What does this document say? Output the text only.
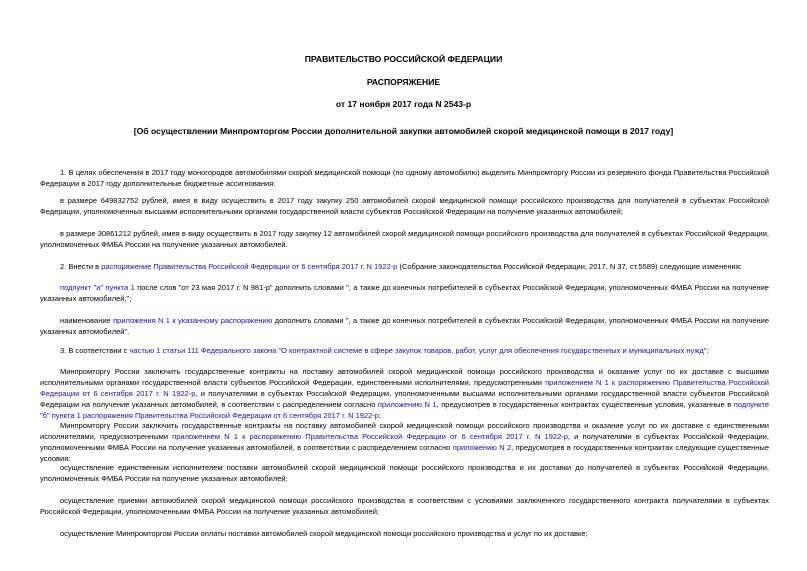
ПРАВИТЕЛЬСТВО РОССИЙСКОЙ ФЕДЕРАЦИИ
РАСПОРЯЖЕНИЕ
от 17 ноября 2017 года N 2543-р
[Об осуществлении Минпромторгом России дополнительной закупки автомобилей скорой медицинской помощи в 2017 году]
1. В целях обеспечения в 2017 году моногородов автомобилями скорой медицинской помощи (по одному автомобилю) выделить Минпромторгу России из резервного фонда Правительства Российской Федерации в 2017 году дополнительные бюджетные ассигнования:
в размере 649832752 рублей, имея в виду осуществить в 2017 году закупку 250 автомобилей скорой медицинской помощи российского производства для получателей в субъектах Российской Федерации, уполномоченных высшими исполнительными органами государственной власти субъектов Российской Федерации на получение указанных автомобилей;
в размере 30861212 рублей, имея в виду осуществить в 2017 году закупку 12 автомобилей скорой медицинской помощи российского производства для получателей в субъектах Российской Федерации, уполномоченных ФМБА России на получение указанных автомобилей.
2. Внести в распоряжение Правительства Российской Федерации от 6 сентября 2017 г. N 1922-р (Собрание законодательства Российской Федерации, 2017, N 37, ст.5589) следующие изменения:
подпункт "а" пункта 1 после слов "от 23 мая 2017 г. N 981-р" дополнить словами ", а также до конечных потребителей в субъектах Российской Федерации, уполномоченных ФМБА России на получение указанных автомобилей,";
наименование приложения N 1 к указанному распоряжению дополнить словами ", а также до конечных потребителей в субъектах Российской Федерации, уполномоченных ФМБА России на получение указанных автомобилей".
3. В соответствии с частью 1 статьи 111 Федерального закона "О контрактной системе в сфере закупок товаров, работ, услуг для обеспечения государственных и муниципальных нужд":
Минпромторгу России заключить государственные контракты на поставку автомобилей скорой медицинской помощи российского производства и оказание услуг по их доставке с высшими исполнительными органами государственной власти субъектов Российской Федерации, единственными исполнителями, предусмотренными приложением N 1 к распоряжению Правительства Российской Федерации от 6 сентября 2017 г. N 1922-р, и получателями в субъектах Российской Федерации, уполномоченными высшими исполнительными органами государственной власти субъектов Российской Федерации на получение указанных автомобилей, в соответствии с распределением согласно приложению N 1, предусмотрев в государственных контрактах существенные условия, указанные в подпункте "б" пункта 1 распоряжения Правительства Российской Федерации от 6 сентября 2017 г. N 1922-р;
Минпромторгу России заключить государственные контракты на поставку автомобилей скорой медицинской помощи российского производства и оказание услуг по их доставке с единственными исполнителями, предусмотренными приложением N 1 к распоряжению Правительства Российской Федерации от 6 сентября 2017 г. N 1922-р, и получателями в субъектах Российской Федерации, уполномоченными ФМБА России на получение указанных автомобилей, в соответствии с распределением согласно приложению N 2, предусмотрев в государственных контрактах следующие существенные условия:
осуществление единственным исполнителем поставки автомобилей скорой медицинской помощи российского производства и их доставки до получателей в субъектах Российской Федерации, уполномоченных ФМБА России на получение указанных автомобилей;
осуществление приемки автомобилей скорой медицинской помощи российского производства в соответствии с условиями заключенного государственного контракта получателями в субъектах Российской Федерации, уполномоченными ФМБА России на получение указанных автомобилей;
осуществление Минпромторгом России оплаты поставки автомобилей скорой медицинской помощи российского производства и услуг по их доставке;
